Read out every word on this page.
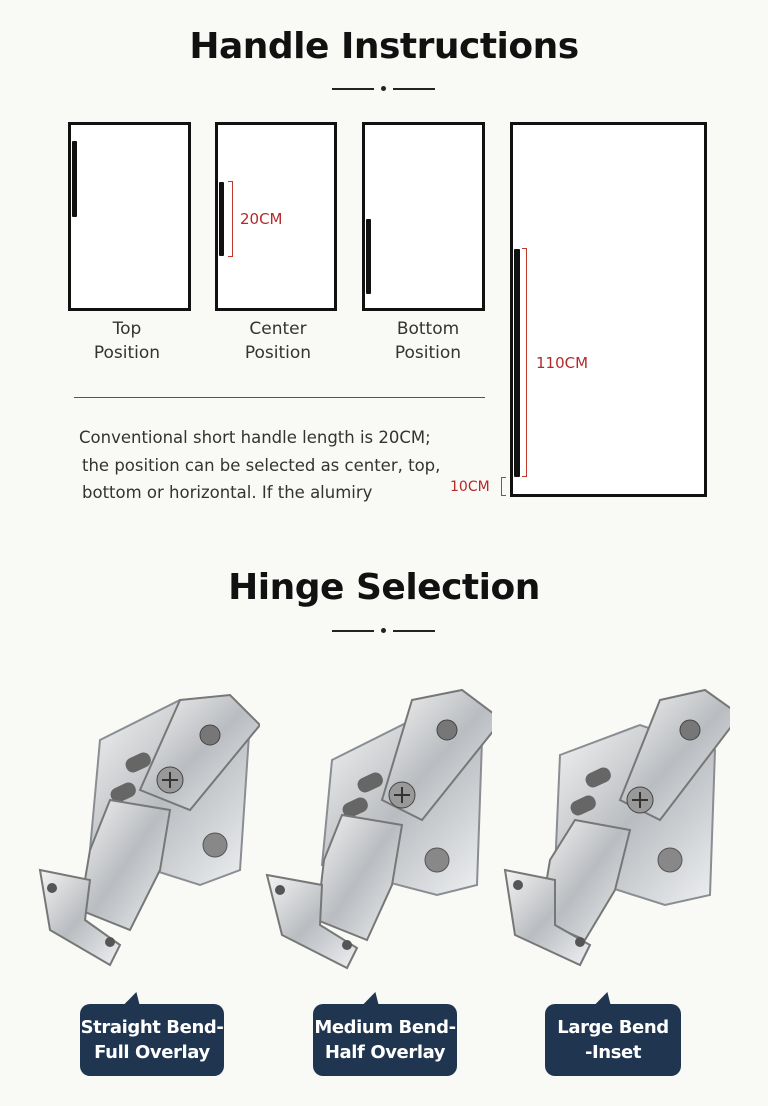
Handle Instructions
Top
Position
20CM
Center
Position
Bottom
Position	110CM
10CM
Conventional short handle length is 20CM;
the position can be selected as center, top,
bottom or horizontal. If the alumiry
Hinge Selection
Straight Bend-
Full Overlay
Medium Bend-
Half Overlay
Large Bend
-Inset
